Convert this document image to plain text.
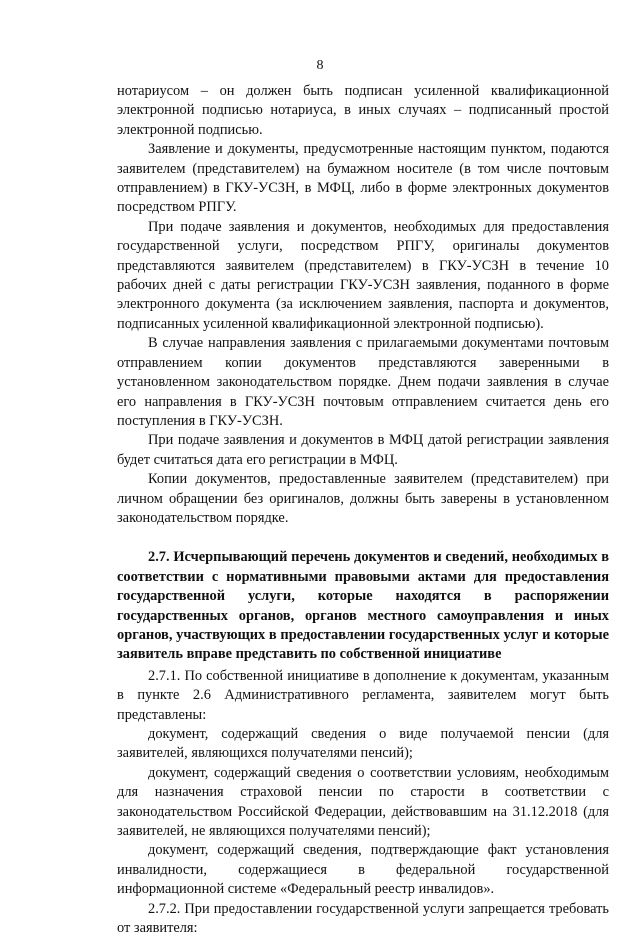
8

нотариусом – он должен быть подписан усиленной квалификационной электронной подписью нотариуса, в иных случаях – подписанный простой электронной подписью.

Заявление и документы, предусмотренные настоящим пунктом, подаются заявителем (представителем) на бумажном носителе (в том числе почтовым отправлением) в ГКУ-УСЗН, в МФЦ, либо в форме электронных документов посредством РПГУ.

При подаче заявления и документов, необходимых для предоставления государственной услуги, посредством РПГУ, оригиналы документов представляются заявителем (представителем) в ГКУ-УСЗН в течение 10 рабочих дней с даты регистрации ГКУ-УСЗН заявления, поданного в форме электронного документа (за исключением заявления, паспорта и документов, подписанных усиленной квалификационной электронной подписью).

В случае направления заявления с прилагаемыми документами почтовым отправлением копии документов представляются заверенными в установленном законодательством порядке. Днем подачи заявления в случае его направления в ГКУ-УСЗН почтовым отправлением считается день его поступления в ГКУ-УСЗН.

При подаче заявления и документов в МФЦ датой регистрации заявления будет считаться дата его регистрации в МФЦ.

Копии документов, предоставленные заявителем (представителем) при личном обращении без оригиналов, должны быть заверены в установленном законодательством порядке.

2.7. Исчерпывающий перечень документов и сведений, необходимых в соответствии с нормативными правовыми актами для предоставления государственной услуги, которые находятся в распоряжении государственных органов, органов местного самоуправления и иных органов, участвующих в предоставлении государственных услуг и которые заявитель вправе представить по собственной инициативе

2.7.1. По собственной инициативе в дополнение к документам, указанным в пункте 2.6 Административного регламента, заявителем могут быть представлены:

документ, содержащий сведения о виде получаемой пенсии (для заявителей, являющихся получателями пенсий);

документ, содержащий сведения о соответствии условиям, необходимым для назначения страховой пенсии по старости в соответствии с законодательством Российской Федерации, действовавшим на 31.12.2018 (для заявителей, не являющихся получателями пенсий);

документ, содержащий сведения, подтверждающие факт установления инвалидности, содержащиеся в федеральной государственной информационной системе «Федеральный реестр инвалидов».

2.7.2. При предоставлении государственной услуги запрещается требовать от заявителя:
